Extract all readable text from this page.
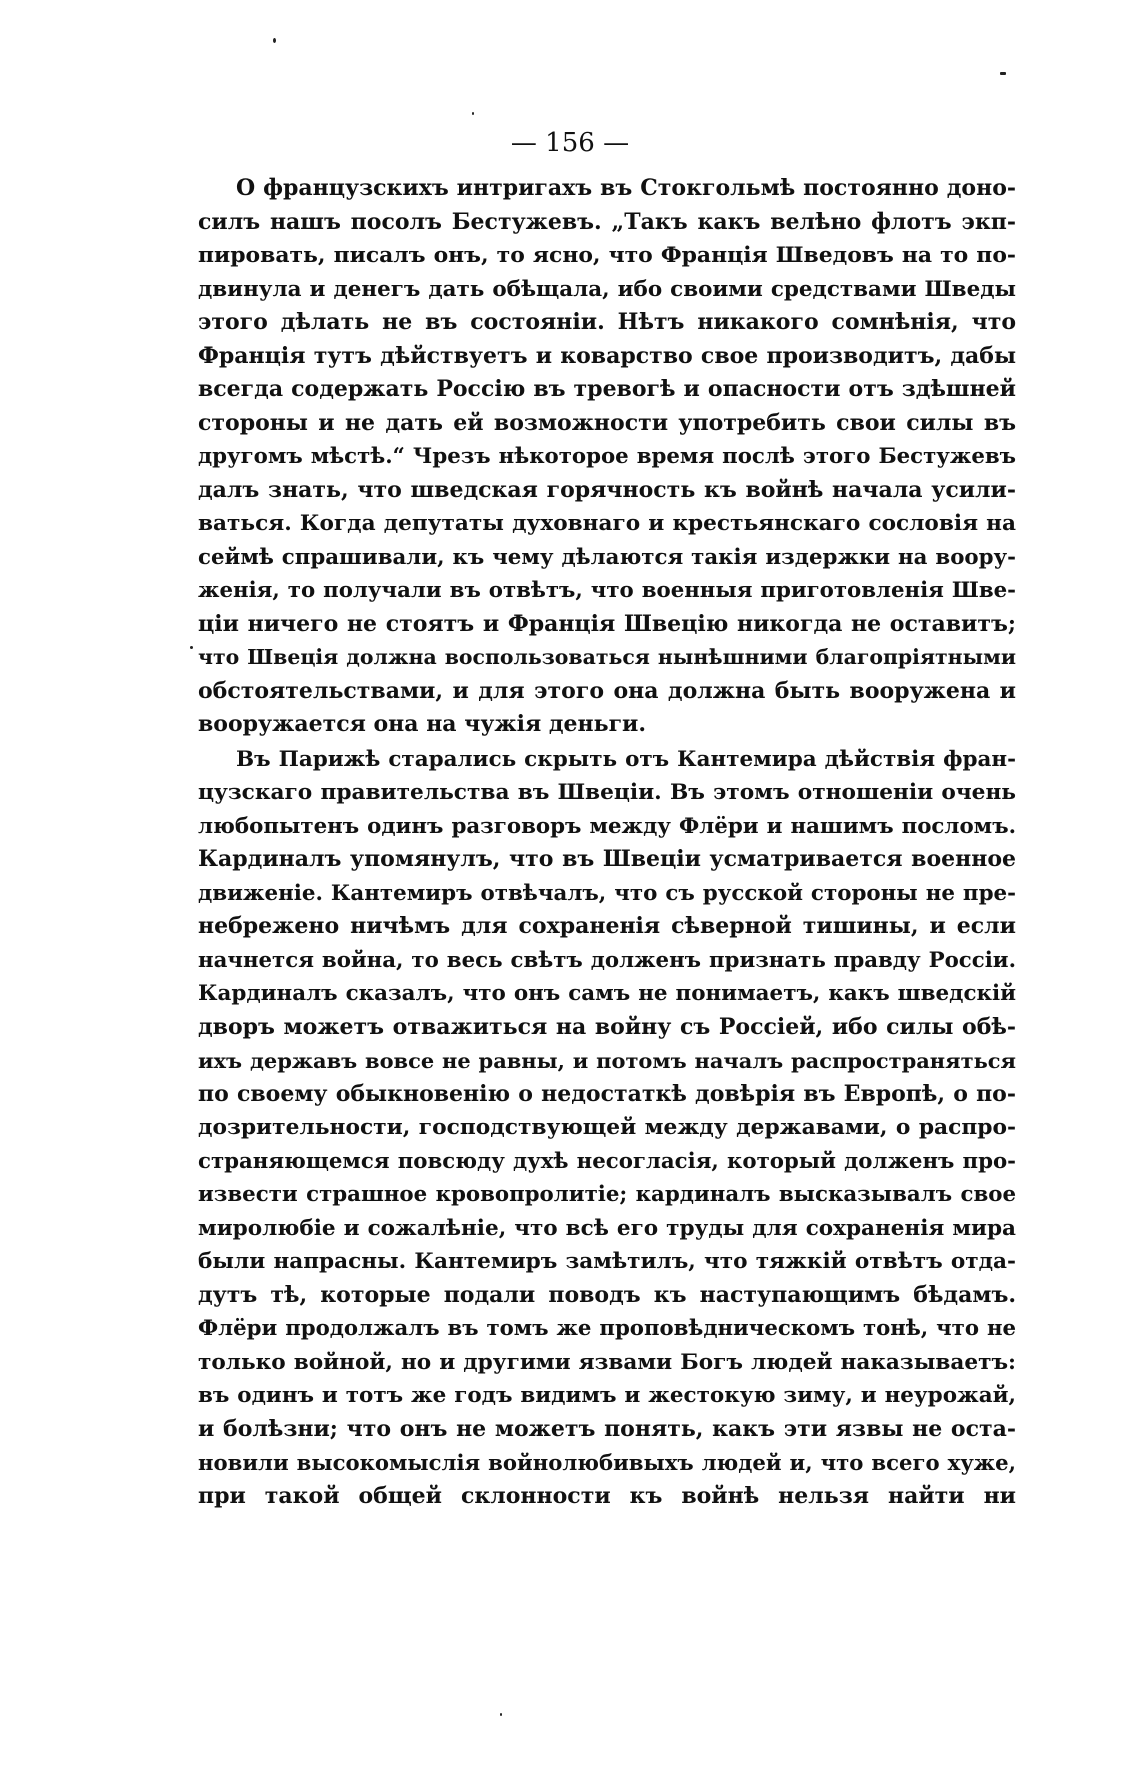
— 156 —
О французскихъ интригахъ въ Стокгольмѣ постоянно доно-
силъ нашъ посолъ Бестужевъ. „Такъ какъ велѣно флотъ экп-
пировать, писалъ онъ, то ясно, что Франція Шведовъ на то по-
двинула и денегъ дать обѣщала, ибо своими средствами Шведы
этого дѣлать не въ состояніи. Нѣтъ никакого сомнѣнія, что
Франція тутъ дѣйствуетъ и коварство свое производитъ, дабы
всегда содержать Россію въ тревогѣ и опасности отъ здѣшней
стороны и не дать ей возможности употребить свои силы въ
другомъ мѣстѣ.“ Чрезъ нѣкоторое время послѣ этого Бестужевъ
далъ знать, что шведская горячность къ войнѣ начала усили-
ваться. Когда депутаты духовнаго и крестьянскаго сословія на
сеймѣ спрашивали, къ чему дѣлаются такія издержки на воору-
женія, то получали въ отвѣтъ, что военныя приготовленія Шве-
ціи ничего не стоятъ и Франція Швецію никогда не оставитъ;
что Швеція должна воспользоваться нынѣшними благопріятными
обстоятельствами, и для этого она должна быть вооружена и
вооружается она на чужія деньги.
Въ Парижѣ старались скрыть отъ Кантемира дѣйствія фран-
цузскаго правительства въ Швеціи. Въ этомъ отношеніи очень
любопытенъ одинъ разговоръ между Флёри и нашимъ посломъ.
Кардиналъ упомянулъ, что въ Швеціи усматривается военное
движеніе. Кантемиръ отвѣчалъ, что съ русской стороны не пре-
небрежено ничѣмъ для сохраненія сѣверной тишины, и если
начнется война, то весь свѣтъ долженъ признать правду Россіи.
Кардиналъ сказалъ, что онъ самъ не понимаетъ, какъ шведскій
дворъ можетъ отважиться на войну съ Россіей, ибо силы обѣ-
ихъ державъ вовсе не равны, и потомъ началъ распространяться
по своему обыкновенію о недостаткѣ довѣрія въ Европѣ, о по-
дозрительности, господствующей между державами, о распро-
страняющемся повсюду духѣ несогласія, который долженъ про-
извести страшное кровопролитіе; кардиналъ высказывалъ свое
миролюбіе и сожалѣніе, что всѣ его труды для сохраненія мира
были напрасны. Кантемиръ замѣтилъ, что тяжкій отвѣтъ отда-
дутъ тѣ, которые подали поводъ къ наступающимъ бѣдамъ.
Флёри продолжалъ въ томъ же проповѣдническомъ тонѣ, что не
только войной, но и другими язвами Богъ людей наказываетъ:
въ одинъ и тотъ же годъ видимъ и жестокую зиму, и неурожай,
и болѣзни; что онъ не можетъ понять, какъ эти язвы не оста-
новили высокомыслія войнолюбивыхъ людей и, что всего хуже,
при такой общей склонности къ войнѣ нельзя найти ни
